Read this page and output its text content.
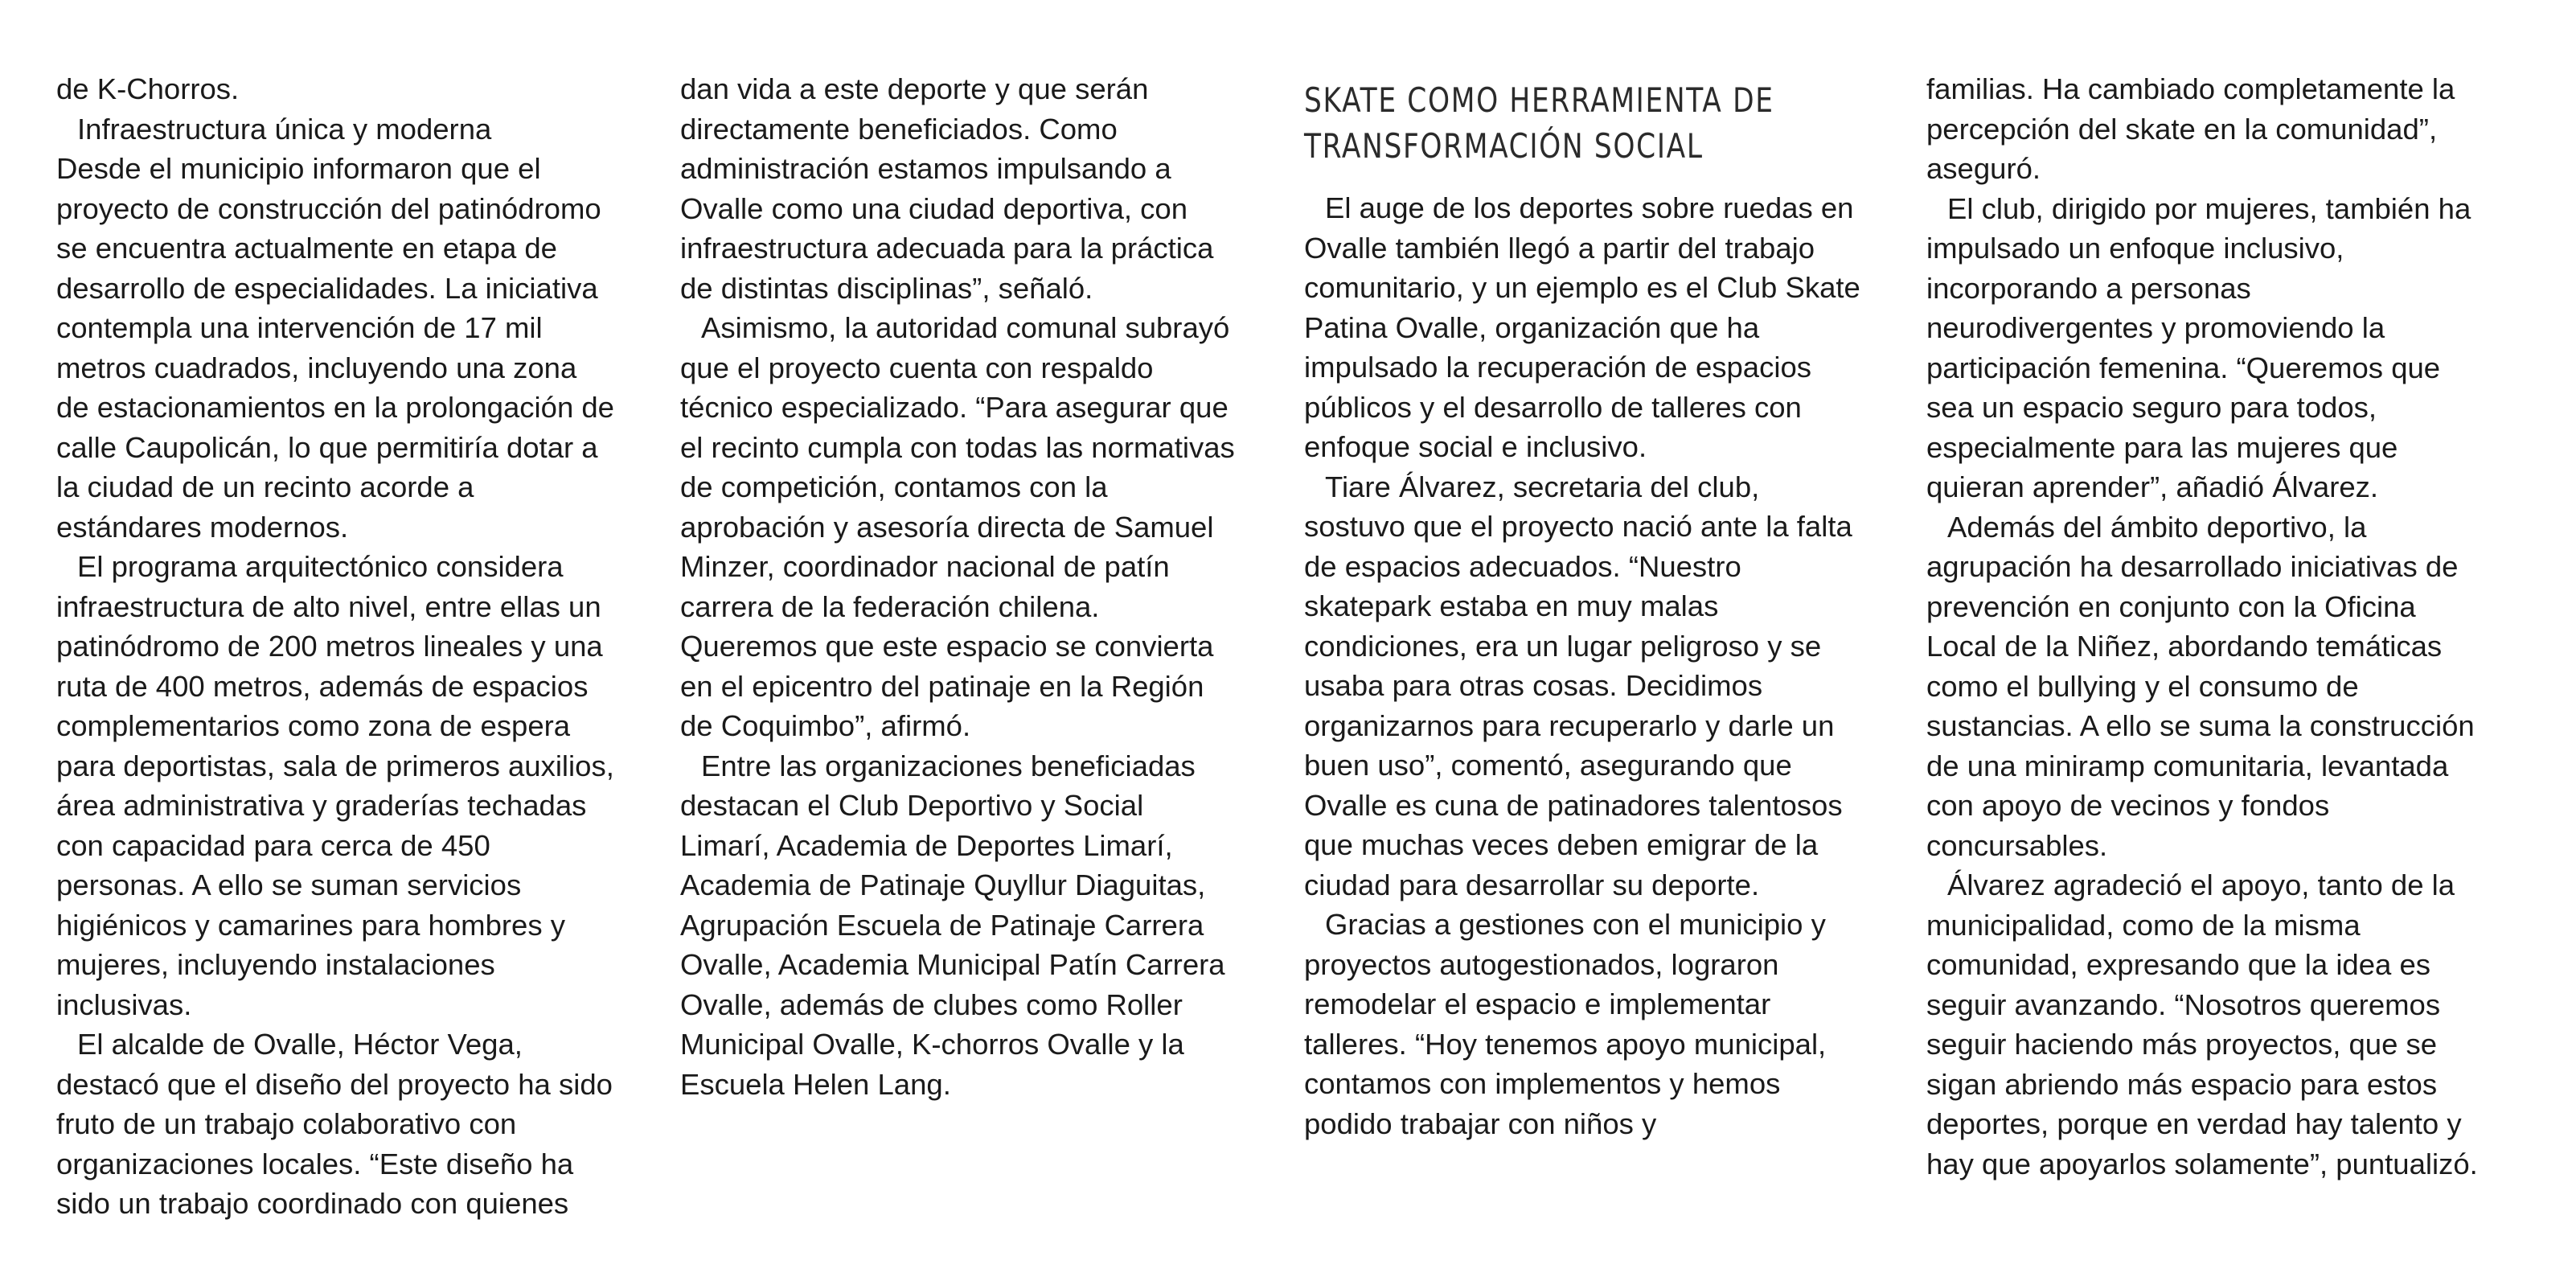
de K-Chorros.

Infraestructura única y moderna

Desde el municipio informaron que el proyecto de construcción del patinódromo se encuentra actualmente en etapa de desarrollo de especialidades. La iniciativa contempla una intervención de 17 mil metros cuadrados, incluyendo una zona de estacionamientos en la prolongación de calle Caupolicán, lo que permitiría dotar a la ciudad de un recinto acorde a estándares modernos.

El programa arquitectónico considera infraestructura de alto nivel, entre ellas un patinódromo de 200 metros lineales y una ruta de 400 metros, además de espacios complementarios como zona de espera para deportistas, sala de primeros auxilios, área administrativa y graderías techadas con capacidad para cerca de 450 personas. A ello se suman servicios higiénicos y camarines para hombres y mujeres, incluyendo instalaciones inclusivas.

El alcalde de Ovalle, Héctor Vega, destacó que el diseño del proyecto ha sido fruto de un trabajo colaborativo con organizaciones locales. “Este diseño ha sido un trabajo coordinado con quienes

dan vida a este deporte y que serán directamente beneficiados. Como administración estamos impulsando a Ovalle como una ciudad deportiva, con infraestructura adecuada para la práctica de distintas disciplinas”, señaló.

Asimismo, la autoridad comunal subrayó que el proyecto cuenta con respaldo técnico especializado. “Para asegurar que el recinto cumpla con todas las normativas de competición, contamos con la aprobación y asesoría directa de Samuel Minzer, coordinador nacional de patín carrera de la federación chilena. Queremos que este espacio se convierta en el epicentro del patinaje en la Región de Coquimbo”, afirmó.

Entre las organizaciones beneficiadas destacan el Club Deportivo y Social Limarí, Academia de Deportes Limarí, Academia de Patinaje Quyllur Diaguitas, Agrupación Escuela de Patinaje Carrera Ovalle, Academia Municipal Patín Carrera Ovalle, además de clubes como Roller Municipal Ovalle, K-chorros Ovalle y la Escuela Helen Lang.

SKATE COMO HERRAMIENTA DE TRANSFORMACIÓN SOCIAL

El auge de los deportes sobre ruedas en Ovalle también llegó a partir del trabajo comunitario, y un ejemplo es el Club Skate Patina Ovalle, organización que ha impulsado la recuperación de espacios públicos y el desarrollo de talleres con enfoque social e inclusivo.

Tiare Álvarez, secretaria del club, sostuvo que el proyecto nació ante la falta de espacios adecuados. “Nuestro skatepark estaba en muy malas condiciones, era un lugar peligroso y se usaba para otras cosas. Decidimos organizarnos para recuperarlo y darle un buen uso”, comentó, asegurando que Ovalle es cuna de patinadores talentosos que muchas veces deben emigrar de la ciudad para desarrollar su deporte.

Gracias a gestiones con el municipio y proyectos autogestionados, lograron remodelar el espacio e implementar talleres. “Hoy tenemos apoyo municipal, contamos con implementos y hemos podido trabajar con niños y

familias. Ha cambiado completamente la percepción del skate en la comunidad”, aseguró.

El club, dirigido por mujeres, también ha impulsado un enfoque inclusivo, incorporando a personas neurodivergentes y promoviendo la participación femenina. “Queremos que sea un espacio seguro para todos, especialmente para las mujeres que quieran aprender”, añadió Álvarez.

Además del ámbito deportivo, la agrupación ha desarrollado iniciativas de prevención en conjunto con la Oficina Local de la Niñez, abordando temáticas como el bullying y el consumo de sustancias. A ello se suma la construcción de una miniramp comunitaria, levantada con apoyo de vecinos y fondos concursables.

Álvarez agradeció el apoyo, tanto de la municipalidad, como de la misma comunidad, expresando que la idea es seguir avanzando. “Nosotros queremos seguir haciendo más proyectos, que se sigan abriendo más espacio para estos deportes, porque en verdad hay talento y hay que apoyarlos solamente”, puntualizó.
